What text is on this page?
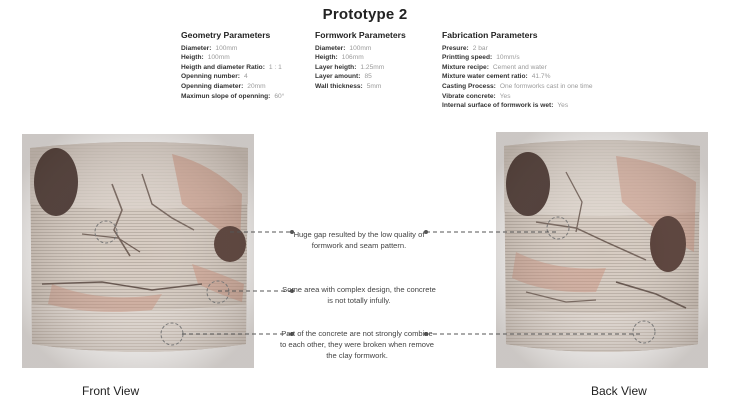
Prototype 2
Geometry Parameters
Diameter: 100mm
Heigth: 100mm
Heigth and diameter Ratio: 1 : 1
Openning number: 4
Openning diameter: 20mm
Maximun slope of openning: 60°
Formwork Parameters
Diameter: 100mm
Heigth: 106mm
Layer heigth: 1.25mm
Layer amount: 85
Wall thickness: 5mm
Fabrication Parameters
Presure: 2 bar
Printting speed: 10mm/s
Mixture recipe: Cement and water
Mixture water cement ratio: 41.7%
Casting Process: One formworks cast in one time
Vibrate concrete: Yes
Internal surface of formwork is wet: Yes
Huge gap resulted by the low quality of formwork and seam pattern.
Some area with complex design, the concrete is not totally infully.
Part of the concrete are not strongly combine to each other, they were broken when remove the clay formwork.
Front View	Back View
